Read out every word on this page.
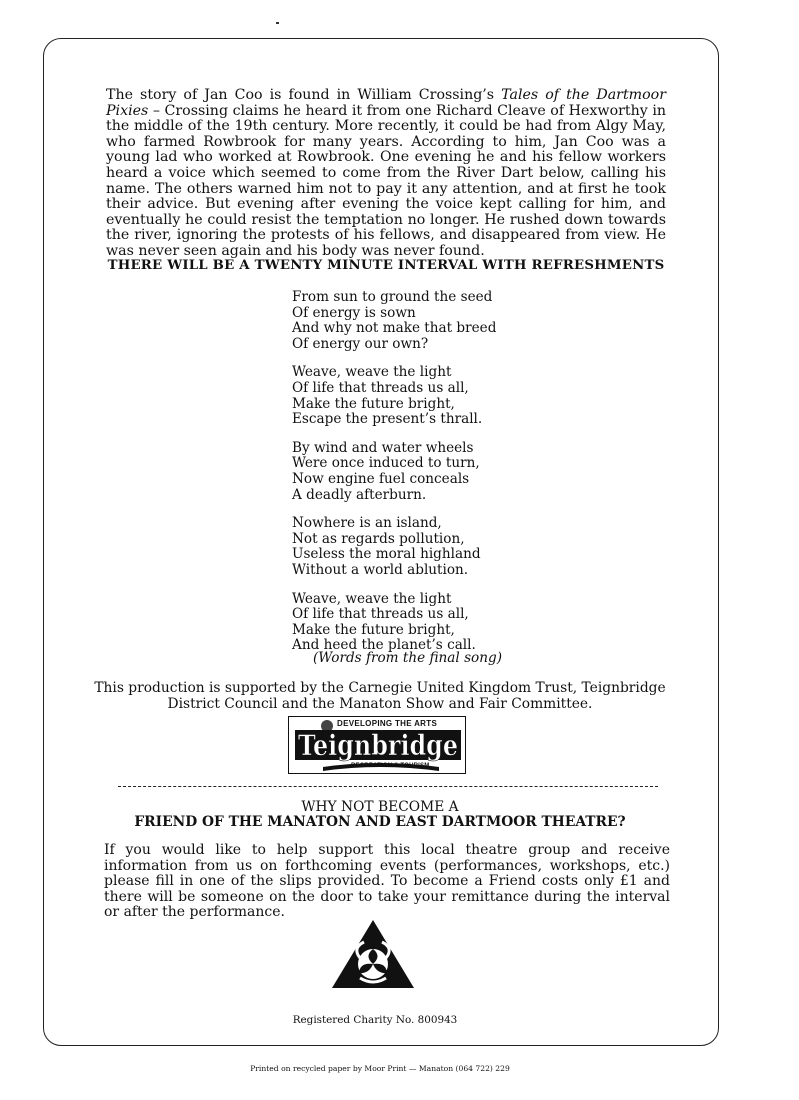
The story of Jan Coo is found in William Crossing’s Tales of the Dartmoor Pixies – Crossing claims he heard it from one Richard Cleave of Hexworthy in the middle of the 19th century. More recently, it could be had from Algy May, who farmed Rowbrook for many years. According to him, Jan Coo was a young lad who worked at Rowbrook. One evening he and his fellow workers heard a voice which seemed to come from the River Dart below, calling his name. The others warned him not to pay it any attention, and at first he took their advice. But evening after evening the voice kept calling for him, and eventually he could resist the temptation no longer. He rushed down towards the river, ignoring the protests of his fellows, and disappeared from view. He was never seen again and his body was never found.

THERE WILL BE A TWENTY MINUTE INTERVAL WITH REFRESHMENTS
From sun to ground the seed
Of energy is sown
And why not make that breed
Of energy our own?
Weave, weave the light
Of life that threads us all,
Make the future bright,
Escape the present’s thrall.
By wind and water wheels
Were once induced to turn,
Now engine fuel conceals
A deadly afterburn.
Nowhere is an island,
Not as regards pollution,
Useless the moral highland
Without a world ablution.
Weave, weave the light
Of life that threads us all,
Make the future bright,
And heed the planet’s call.
(Words from the final song)
This production is supported by the Carnegie United Kingdom Trust, Teignbridge District Council and the Manaton Show and Fair Committee.
DEVELOPING THE ARTS
Teignbridge
RECREATION & TOURISM
WHY NOT BECOME A
FRIEND OF THE MANATON AND EAST DARTMOOR THEATRE?

If you would like to help support this local theatre group and receive information from us on forthcoming events (performances, workshops, etc.) please fill in one of the slips provided. To become a Friend costs only £1 and there will be someone on the door to take your remittance during the interval or after the performance.

Registered Charity No. 800943
Printed on recycled paper by Moor Print — Manaton (064 722) 229
